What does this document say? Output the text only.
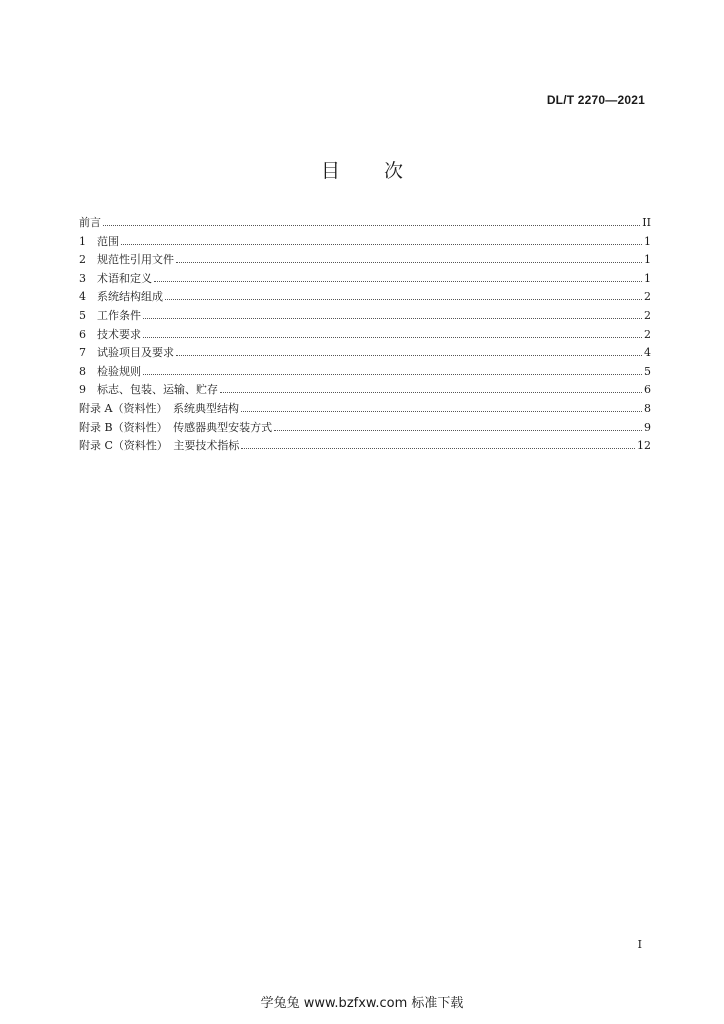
DL/T 2270—2021
目 次
前言	II
1	范围	1
2	规范性引用文件	1
3	术语和定义	1
4	系统结构组成	2
5	工作条件	2
6	技术要求	2
7	试验项目及要求	4
8	检验规则	5
9	标志、包装、运输、贮存	6
附录 A（资料性）　系统典型结构	8
附录 B（资料性）　传感器典型安装方式	9
附录 C（资料性）　主要技术指标	12
I
学兔兔 www.bzfxw.com 标准下载
